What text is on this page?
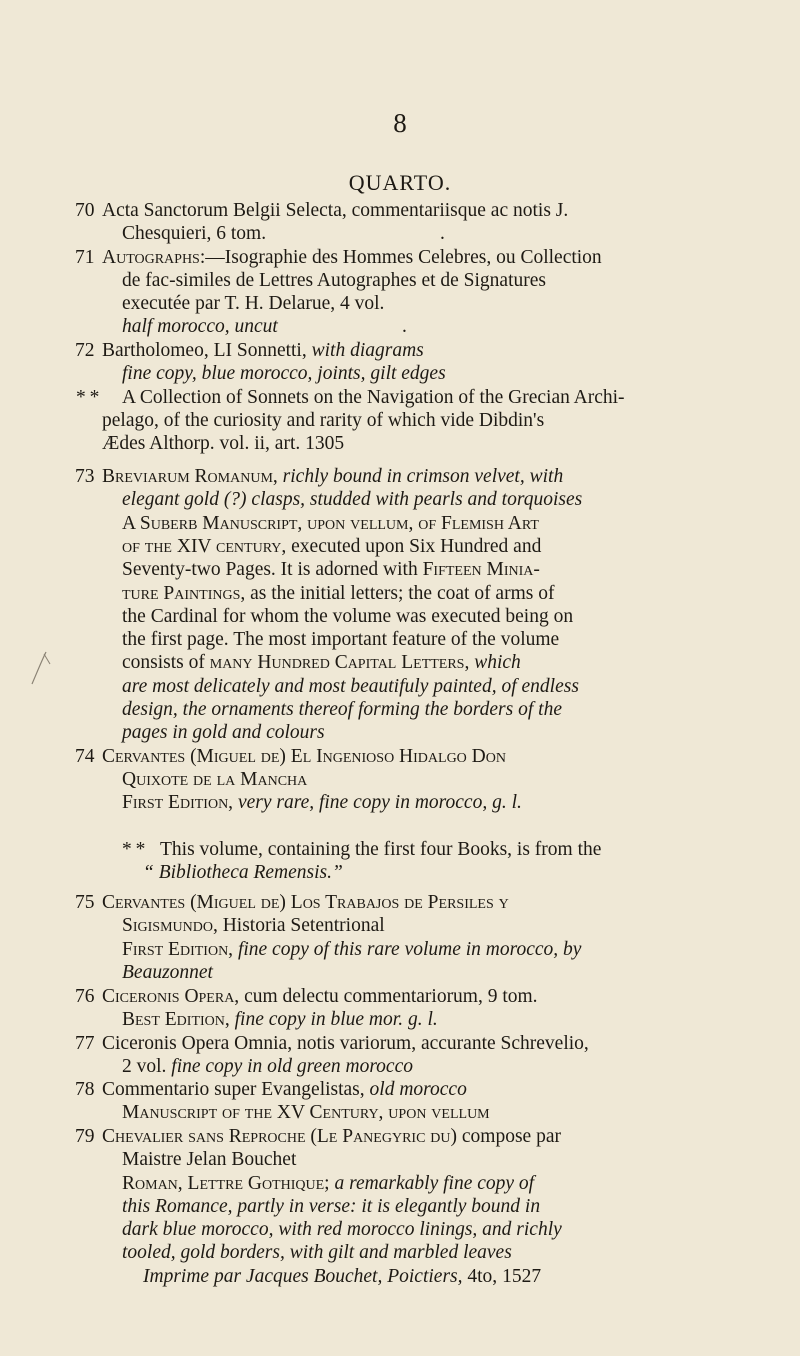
8
QUARTO.
70 Acta Sanctorum Belgii Selecta, commentariisque ac notis J.
Chesquieri, 6 tom.	.
71 Autographs:—Isographie des Hommes Celebres, ou Collection
de fac-similes de Lettres Autographes et de Signatures
executée par T. H. Delarue, 4 vol.
half morocco, uncut	.
72 Bartholomeo, LI Sonnetti, with diagrams
fine copy, blue morocco, joints, gilt edges
* * A Collection of Sonnets on the Navigation of the Grecian Archi-
pelago, of the curiosity and rarity of which vide Dibdin's
Ædes Althorp. vol. ii, art. 1305
73 Breviarum Romanum, richly bound in crimson velvet, with
elegant gold (?) clasps, studded with pearls and torquoises
A Suberb Manuscript, upon vellum, of Flemish Art
of the XIV century, executed upon Six Hundred and
Seventy-two Pages. It is adorned with Fifteen Minia-
ture Paintings, as the initial letters; the coat of arms of
the Cardinal for whom the volume was executed being on
the first page. The most important feature of the volume
consists of many Hundred Capital Letters, which
are most delicately and most beautifuly painted, of endless
design, the ornaments thereof forming the borders of the
pages in gold and colours
74 Cervantes (Miguel de) El Ingenioso Hidalgo Don
Quixote de la Mancha
First Edition, very rare, fine copy in morocco, g. l.
* * This volume, containing the first four Books, is from the
“ Bibliotheca Remensis.”
75 Cervantes (Miguel de) Los Trabajos de Persiles y
Sigismundo, Historia Setentrional
First Edition, fine copy of this rare volume in morocco, by
Beauzonnet
76 Ciceronis Opera, cum delectu commentariorum, 9 tom.
Best Edition, fine copy in blue mor. g. l.
77 Ciceronis Opera Omnia, notis variorum, accurante Schrevelio,
2 vol. fine copy in old green morocco
78 Commentario super Evangelistas, old morocco
Manuscript of the XV Century, upon vellum
79 Chevalier sans Reproche (Le Panegyric du) compose par
Maistre Jelan Bouchet
Roman, Lettre Gothique; a remarkably fine copy of
this Romance, partly in verse: it is elegantly bound in
dark blue morocco, with red morocco linings, and richly
tooled, gold borders, with gilt and marbled leaves
Imprime par Jacques Bouchet, Poictiers, 4to, 1527
